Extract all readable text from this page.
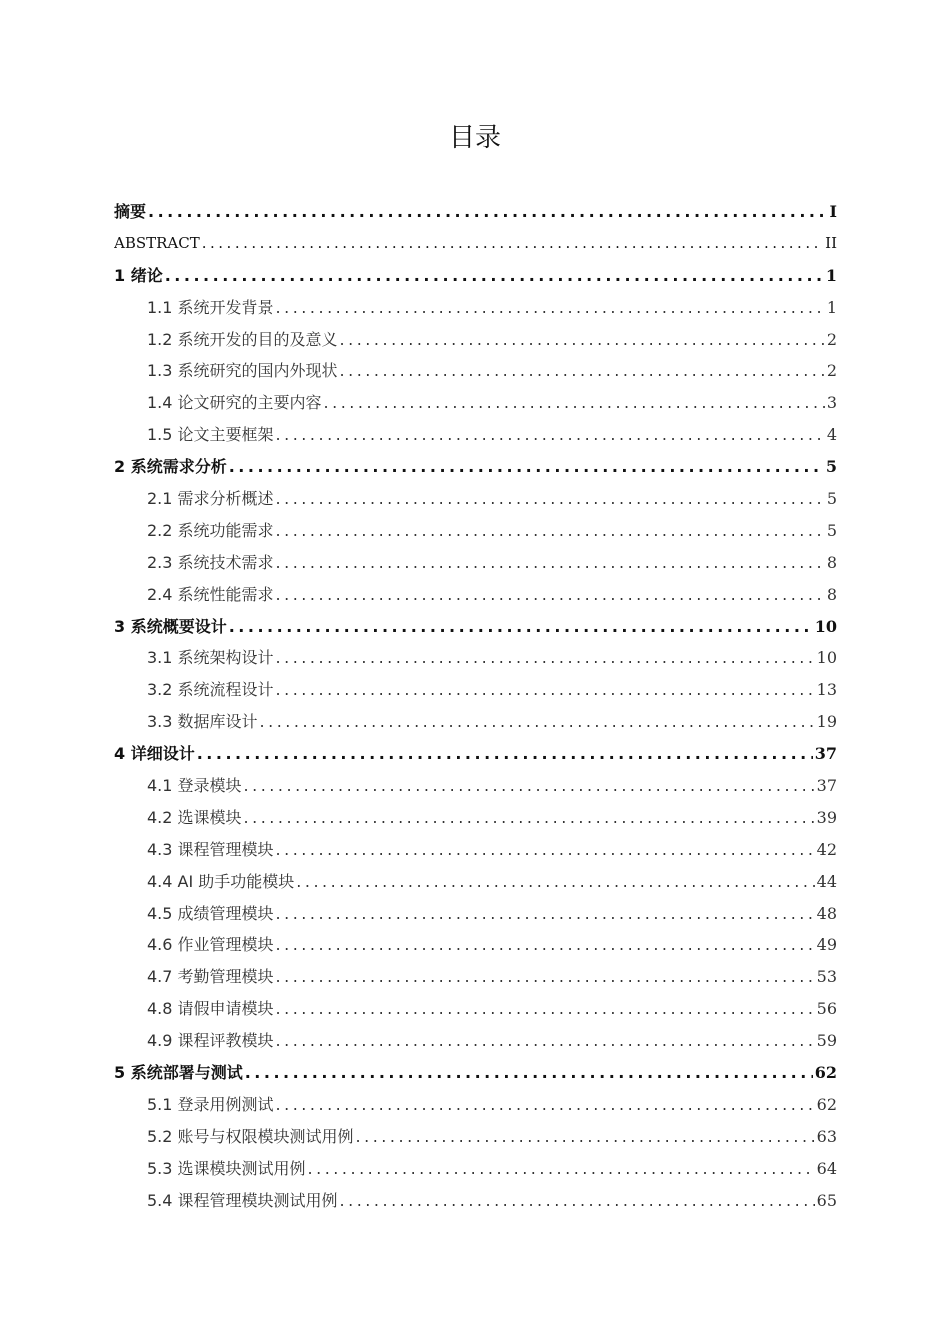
目录
摘要 .....	I
ABSTRACT .....	II
1 绪论 .....	1
1.1 系统开发背景 .....	1
1.2 系统开发的目的及意义 .....	2
1.3 系统研究的国内外现状 .....	2
1.4 论文研究的主要内容 .....	3
1.5 论文主要框架 .....	4
2 系统需求分析 .....	5
2.1 需求分析概述 .....	5
2.2 系统功能需求 .....	5
2.3 系统技术需求 .....	8
2.4 系统性能需求 .....	8
3 系统概要设计 .....	10
3.1 系统架构设计 .....	10
3.2 系统流程设计 .....	13
3.3 数据库设计 .....	19
4 详细设计 .....	37
4.1 登录模块 .....	37
4.2 选课模块 .....	39
4.3 课程管理模块 .....	42
4.4 AI 助手功能模块 .....	44
4.5 成绩管理模块 .....	48
4.6 作业管理模块 .....	49
4.7 考勤管理模块 .....	53
4.8 请假申请模块 .....	56
4.9 课程评教模块 .....	59
5 系统部署与测试 .....	62
5.1 登录用例测试 .....	62
5.2 账号与权限模块测试用例 .....	63
5.3 选课模块测试用例 .....	64
5.4 课程管理模块测试用例 .....	65
